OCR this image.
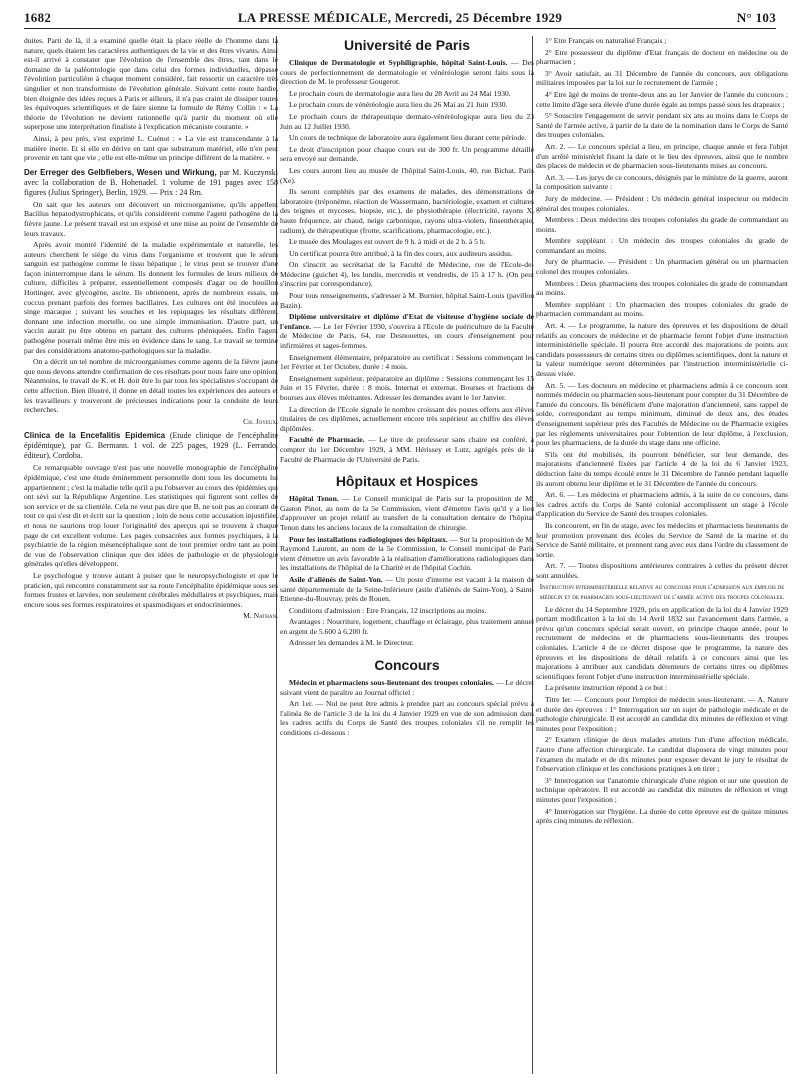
1682	LA PRESSE MÉDICALE, Mercredi, 25 Décembre 1929	N° 103

duites. Parti de là, il a examiné quelle était la place réelle de l'homme dans la nature, quels étaient les caractères authentiques de la vie et des êtres vivants. Ainsi est-il arrivé à constater que l'évolution de l'ensemble des êtres, tant dans le domaine de la paléontologie que dans celui des formes individuelles, dépasse l'évolution particulière à chaque moment considéré, fait ressortir un caractère très singulier et non transformiste de l'évolution générale. Suivant cette route hardie, bien éloignée des idées reçues à Paris et ailleurs, il n'a pas craint de dissiper toutes les équivoques scientifiques et de faire sienne la formule de Rémy Collin : « La théorie de l'évolution ne devient rationnelle qu'à partir du moment où elle superpose une interprétation finaliste à l'explication mécaniste courante. »

Ainsi, à peu près, s'est exprimé L. Cuénot : « La vie est transcendante à la matière inerte. Et si elle en dérive en tant que substratum matériel, elle n'en peut provenir en tant que vie ; elle est elle-même un principe différent de la matière. »

Der Erreger des Gelbfiebers, Wesen und Wirkung, par M. Kuczynski avec la collaboration de B. Hohenadel. 1 volume de 191 pages avec 158 figures (Julius Springer), Berlin, 1929. — Prix : 24 Rm.

On sait que les auteurs ont découvert un microorganisme, qu'ils appellent Bacillus hepatodystrophicans, et qu'ils considèrent comme l'agent pathogène de la fièvre jaune. Le présent travail est un exposé et une mise au point de l'ensemble de leurs travaux.

Après avoir montré l'identité de la maladie expérimentale et naturelle, les auteurs cherchent le siège du virus dans l'organisme et trouvent que le sérum sanguin est pathogène comme le tissu hépatique ; le virus peut se trouver d'une façon ininterrompue dans le sérum. Ils donnent les formules de leurs milieux de culture, difficiles à préparer, essentiellement composés d'agar ou de bouillon Hottinger, avec glycogène, ascite. Ils obtiennent, après de nombreux essais, un coccus prenant parfois des formes bacillaires. Les cultures ont été inoculées au singe macaque ; suivant les souches et les repiquages les résultats diffèrent, donnant une infection mortelle, ou une simple immunisation. D'autre part, un vaccin aurait pu être obtenu en partant des cultures phéniquées. Enfin l'agent pathogène pourrait même être mis en évidence dans le sang. Le travail se termine par des considérations anatomo-pathologiques sur la maladie.

On a décrit un tel nombre de microorganismes comme agents de la fièvre jaune que nous devons attendre confirmation de ces résultats pour nous faire une opinion. Néanmoins, le travail de K. et H. doit être lu par tous les spécialistes s'occupant de cette affection. Bien illustré, il donne en détail toutes les expériences des auteurs et les travailleurs y trouveront de précieuses indications pour la conduite de leurs recherches.

Ch. Joyeux.

Clinica de la Encefalitis Epidemica (Etude clinique de l'encéphalite épidémique), par G. Bermann. 1 vol. de 225 pages, 1929 (L. Ferrando, éditeur), Cordoba.

Ce remarquable ouvrage n'est pas une nouvelle monographie de l'encéphalite épidémique, c'est une étude éminemment personnelle dont tous les documents lui appartiennent ; c'est la maladie telle qu'il a pu l'observer au cours des épidémies qui ont sévi sur la République Argentine. Les statistiques qui figurent sont celles de son service et de sa clientèle. Cela ne veut pas dire que B. ne soit pas au courant de tout ce qui s'est dit et écrit sur la question ; loin de nous cette accusation injustifiée, et nous ne saurions trop louer l'originalité des aperçus qui se trouvent à chaque page de cet excellent volume. Les pages consacrées aux formes psychiques, à la psychiatrie de la région mésencéphalique sont de tout premier ordre tant au point de vue de l'observation clinique que des idées de pathologie et de physiologie générales qu'elles développent.

Le psychologue y trouve autant à puiser que le neuropsychologiste et que le praticien, qui rencontre constamment sur sa route l'encéphalite épidémique sous ses formes frustes et larvées, non seulement cérébrales médullaires et psychiques, mais encore sous ses formes respiratoires et spasmodiques et endocriniennes.

M. Nathan.

Université de Paris

Clinique de Dermatologie et Syphiligraphie, hôpital Saint-Louis. — Des cours de perfectionnement de dermatologie et vénéréologie seront faits sous la direction de M. le professeur Gougerot.

Le prochain cours de dermatologie aura lieu du 28 Avril au 24 Mai 1930.

Le prochain cours de vénéréologie aura lieu du 26 Mai au 21 Juin 1930.

Le prochain cours de thérapeutique dermato-vénéréologique aura lieu du 23 Juin au 12 Juillet 1930.

Un cours de technique de laboratoire aura également lieu durant cette période.

Le droit d'inscription pour chaque cours est de 300 fr. Un programme détaillé sera envoyé sur demande.

Les cours auront lieu au musée de l'hôpital Saint-Louis, 40, rue Bichat, Paris (Xe).

Ils seront complétés par des examens de malades, des démonstrations de laboratoire (tréponème, réaction de Wassermann, bactériologie, examen et cultures des teignes et mycoses, biopsie, etc.), de physiothérapie (électricité, rayons X, haute fréquence, air chaud, neige carbonique, rayons ultra-violets, finsenthérapie, radium), de thérapeutique (frotte, scarifications, pharmacologie, etc.).

Le musée des Moulages est ouvert de 9 h. à midi et de 2 h. à 5 h.

Un certificat pourra être attribué, à la fin des cours, aux auditeurs assidus.

On s'inscrit au secrétariat de la Faculté de Médecine, rue de l'Ecole-de-Médecine (guichet 4), les lundis, mercredis et vendredis, de 15 à 17 h. (On peut s'inscrire par correspondance).

Pour tous renseignements, s'adresser à M. Burnier, hôpital Saint-Louis (pavillon Bazin).

Diplôme universitaire et diplôme d'Etat de visiteuse d'hygiène sociale de l'enfance. — Le 1er Février 1930, s'ouvrira à l'Ecole de puériculture de la Faculté de Médecine de Paris, 64, rue Desnouettes, un cours d'enseignement pour infirmières et sages-femmes.

Enseignement élémentaire, préparatoire au certificat : Sessions commençant les 1er Février et 1er Octobre, durée : 4 mois.

Enseignement supérieur, préparatoire au diplôme : Sessions commençant les 15 Juin et 15 Février, durée : 8 mois. Internat et externat. Bourses et fractions de bourses aux élèves méritantes. Adresser les demandes avant le 1er Janvier.

La direction de l'Ecole signale le nombre croissant des postes offerts aux élèves titulaires de ces diplômes, actuellement encore très supérieur au chiffre des élèves diplômées.

Faculté de Pharmacie. — Le titre de professeur sans chaire est conféré, à compter du 1er Décembre 1929, à MM. Hérissey et Lutz, agrégés près de la Faculté de Pharmacie de l'Université de Paris.

Hôpitaux et Hospices

Hôpital Tenon. — Le Conseil municipal de Paris sur la proposition de M. Gaston Pinot, au nom de la 5e Commission, vient d'émettre l'avis qu'il y a lieu d'approuver un projet relatif au transfert de la consultation dentaire de l'hôpital Tenon dans les anciens locaux de la consultation de chirurgie.

Pour les installations radiologiques des hôpitaux. — Sur la proposition de M. Raymond Laurent, au nom de la 5e Commission, le Conseil municipal de Paris vient d'émettre un avis favorable à la réalisation d'améliorations radiologiques dans les installations de l'hôpital de la Charité et de l'hôpital Cochin.

Asile d'aliénés de Saint-Yon. — Un poste d'interne est vacant à la maison de santé départementale de la Seine-Inférieure (asile d'aliénés de Saint-Yon), à Saint-Etienne-du-Rouvray, près de Rouen.

Conditions d'admission : Etre Français, 12 inscriptions au moins.

Avantages : Nourriture, logement, chauffage et éclairage, plus traitement annuel en argent de 5.600 à 6.200 fr.

Adresser les demandes à M. le Directeur.

Concours

Médecin et pharmaciens sous-lieutenant des troupes coloniales. — Le décret suivant vient de paraître au Journal officiel :

Art 1er. — Nul ne peut être admis à prendre part au concours spécial prévu à l'alinéa 8e de l'article 3 de la loi du 4 Janvier 1929 en vue de son admission dans les cadres actifs du Corps de Santé des troupes coloniales s'il ne remplit les conditions ci-dessous :

1° Etre Français ou naturalisé Français ;

2° Etre possesseur du diplôme d'Etat français de docteur en médecine ou de pharmacien ;

3° Avoir satisfait, au 31 Décembre de l'année du concours, aux obligations militaires imposées par la loi sur le recrutement de l'armée ;

4° Etre âgé de moins de trente-deux ans au 1er Janvier de l'année du concours ; cette limite d'âge sera élevée d'une durée égale au temps passé sous les drapeaux ;

5° Souscrire l'engagement de servir pendant six ans au moins dans le Corps de Santé de l'armée active, à partir de la date de la nomination dans le Corps de Santé des troupes coloniales.

Art. 2. — Le concours spécial a lieu, en principe, chaque année et fera l'objet d'un arrêté ministériel fixant la date et le lieu des épreuves, ainsi que le nombre des places de médecin et de pharmacien sous-lieutenants mises au concours.

Art. 3. — Les jurys de ce concours, désignés par le ministre de la guerre, auront la composition suivante :

Jury de médecine. — Président : Un médecin général inspecteur ou médecin général des troupes coloniales.

Membres : Deux médecins des troupes coloniales du grade de commandant au moins.

Membre suppléant : Un médecin des troupes coloniales du grade de commandant au moins.

Jury de pharmacie. — Président : Un pharmacien général ou un pharmacien colonel des troupes coloniales.

Membres : Deux pharmaciens des troupes coloniales du grade de commandant au moins.

Membre suppléant : Un pharmacien des troupes coloniales du grade de pharmacien commandant au moins.

Art. 4. — Le programme, la nature des épreuves et les dispositions de détail relatifs au concours de médecine et de pharmacie feront l'objet d'une instruction interministérielle spéciale. Il pourra être accordé des majorations de points aux candidats possesseurs de certains titres ou diplômes scientifiques, dont la nature et la valeur numérique seront déterminées par l'instruction interministérielle ci-dessus visée.

Art. 5. — Les docteurs en médecine et pharmaciens admis à ce concours sont nommés médecin ou pharmacien sous-lieutenant pour compter du 31 Décembre de l'année du concours. Ils bénéficient d'une majoration d'ancienneté, sans rappel de solde, correspondant au temps minimum, diminué de deux ans, des études d'enseignement supérieur près des Facultés de Médecine ou de Pharmacie exigées par les règlements universitaires pour l'obtention de leur diplôme, à l'exclusion, pour les pharmaciens, de la durée du stage dans une officine.

S'ils ont été mobilisés, ils pourront bénéficier, sur leur demande, des majorations d'ancienneté fixées par l'article 4 de la loi du 6 Janvier 1923, déduction faite du temps écoulé entre le 31 Décembre de l'année pendant laquelle ils auront obtenu leur diplôme et le 31 Décembre de l'année du concours.

Art. 6. — Les médecins et pharmaciens admis, à la suite de ce concours, dans les cadres actifs du Corps de Santé colonial accomplissent un stage à l'école d'application du Service de Santé des troupes coloniales.

Ils concourent, en fin de stage, avec les médecins et pharmaciens lieutenants de leur promotion provenant des écoles du Service de Santé de la marine et du Service de Santé militaire, et prennent rang avec eux dans l'ordre du classement de sortie.

Art. 7. — Toutes dispositions antérieures contraires à celles du présent décret sont annulées.

Instruction interministérielle relative au concours pour l'admission aux emplois de médecin et de pharmacien sous-lieutenant de l'armée active des troupes coloniales.

Le décret du 14 Septembre 1929, pris en application de la loi du 4 Janvier 1929 portant modification à la loi du 14 Avril 1832 sur l'avancement dans l'armée, a prévu qu'un concours spécial serait ouvert, en principe chaque année, pour le recrutement de médecins et de pharmaciens sous-lieutenants des troupes coloniales. L'article 4 de ce décret dispose que le programme, la nature des épreuves et les dispositions de détail relatifs à ce concours ainsi que les majorations à attribuer aux candidats détenteurs de certains titres ou diplômes scientifiques feront l'objet d'une instruction interministérielle spéciale.

La présente instruction répond à ce but :

Titre Ier. — Concours pour l'emploi de médecin sous-lieutenant. — A. Nature et durée des épreuves : 1° Interrogation sur un sujet de pathologie médicale et de pathologie chirurgicale. Il est accordé au candidat dix minutes de réflexion et vingt minutes pour l'exposition ;

2° Examen clinique de deux malades atteints l'un d'une affection médicale, l'autre d'une affection chirurgicale. Le candidat disposera de vingt minutes pour l'examen du malade et de dix minutes pour exposer devant le jury le résultat de l'observation clinique et les conclusions pratiques à en tirer ;

3° Interrogation sur l'anatomie chirurgicale d'une région et sur une question de technique opératoire. Il est accordé au candidat dix minutes de réflexion et vingt minutes pour l'exposition ;

4° Interrogation sur l'hygiène. La durée de cette épreuve est de quinze minutes après cinq minutes de réflexion.
